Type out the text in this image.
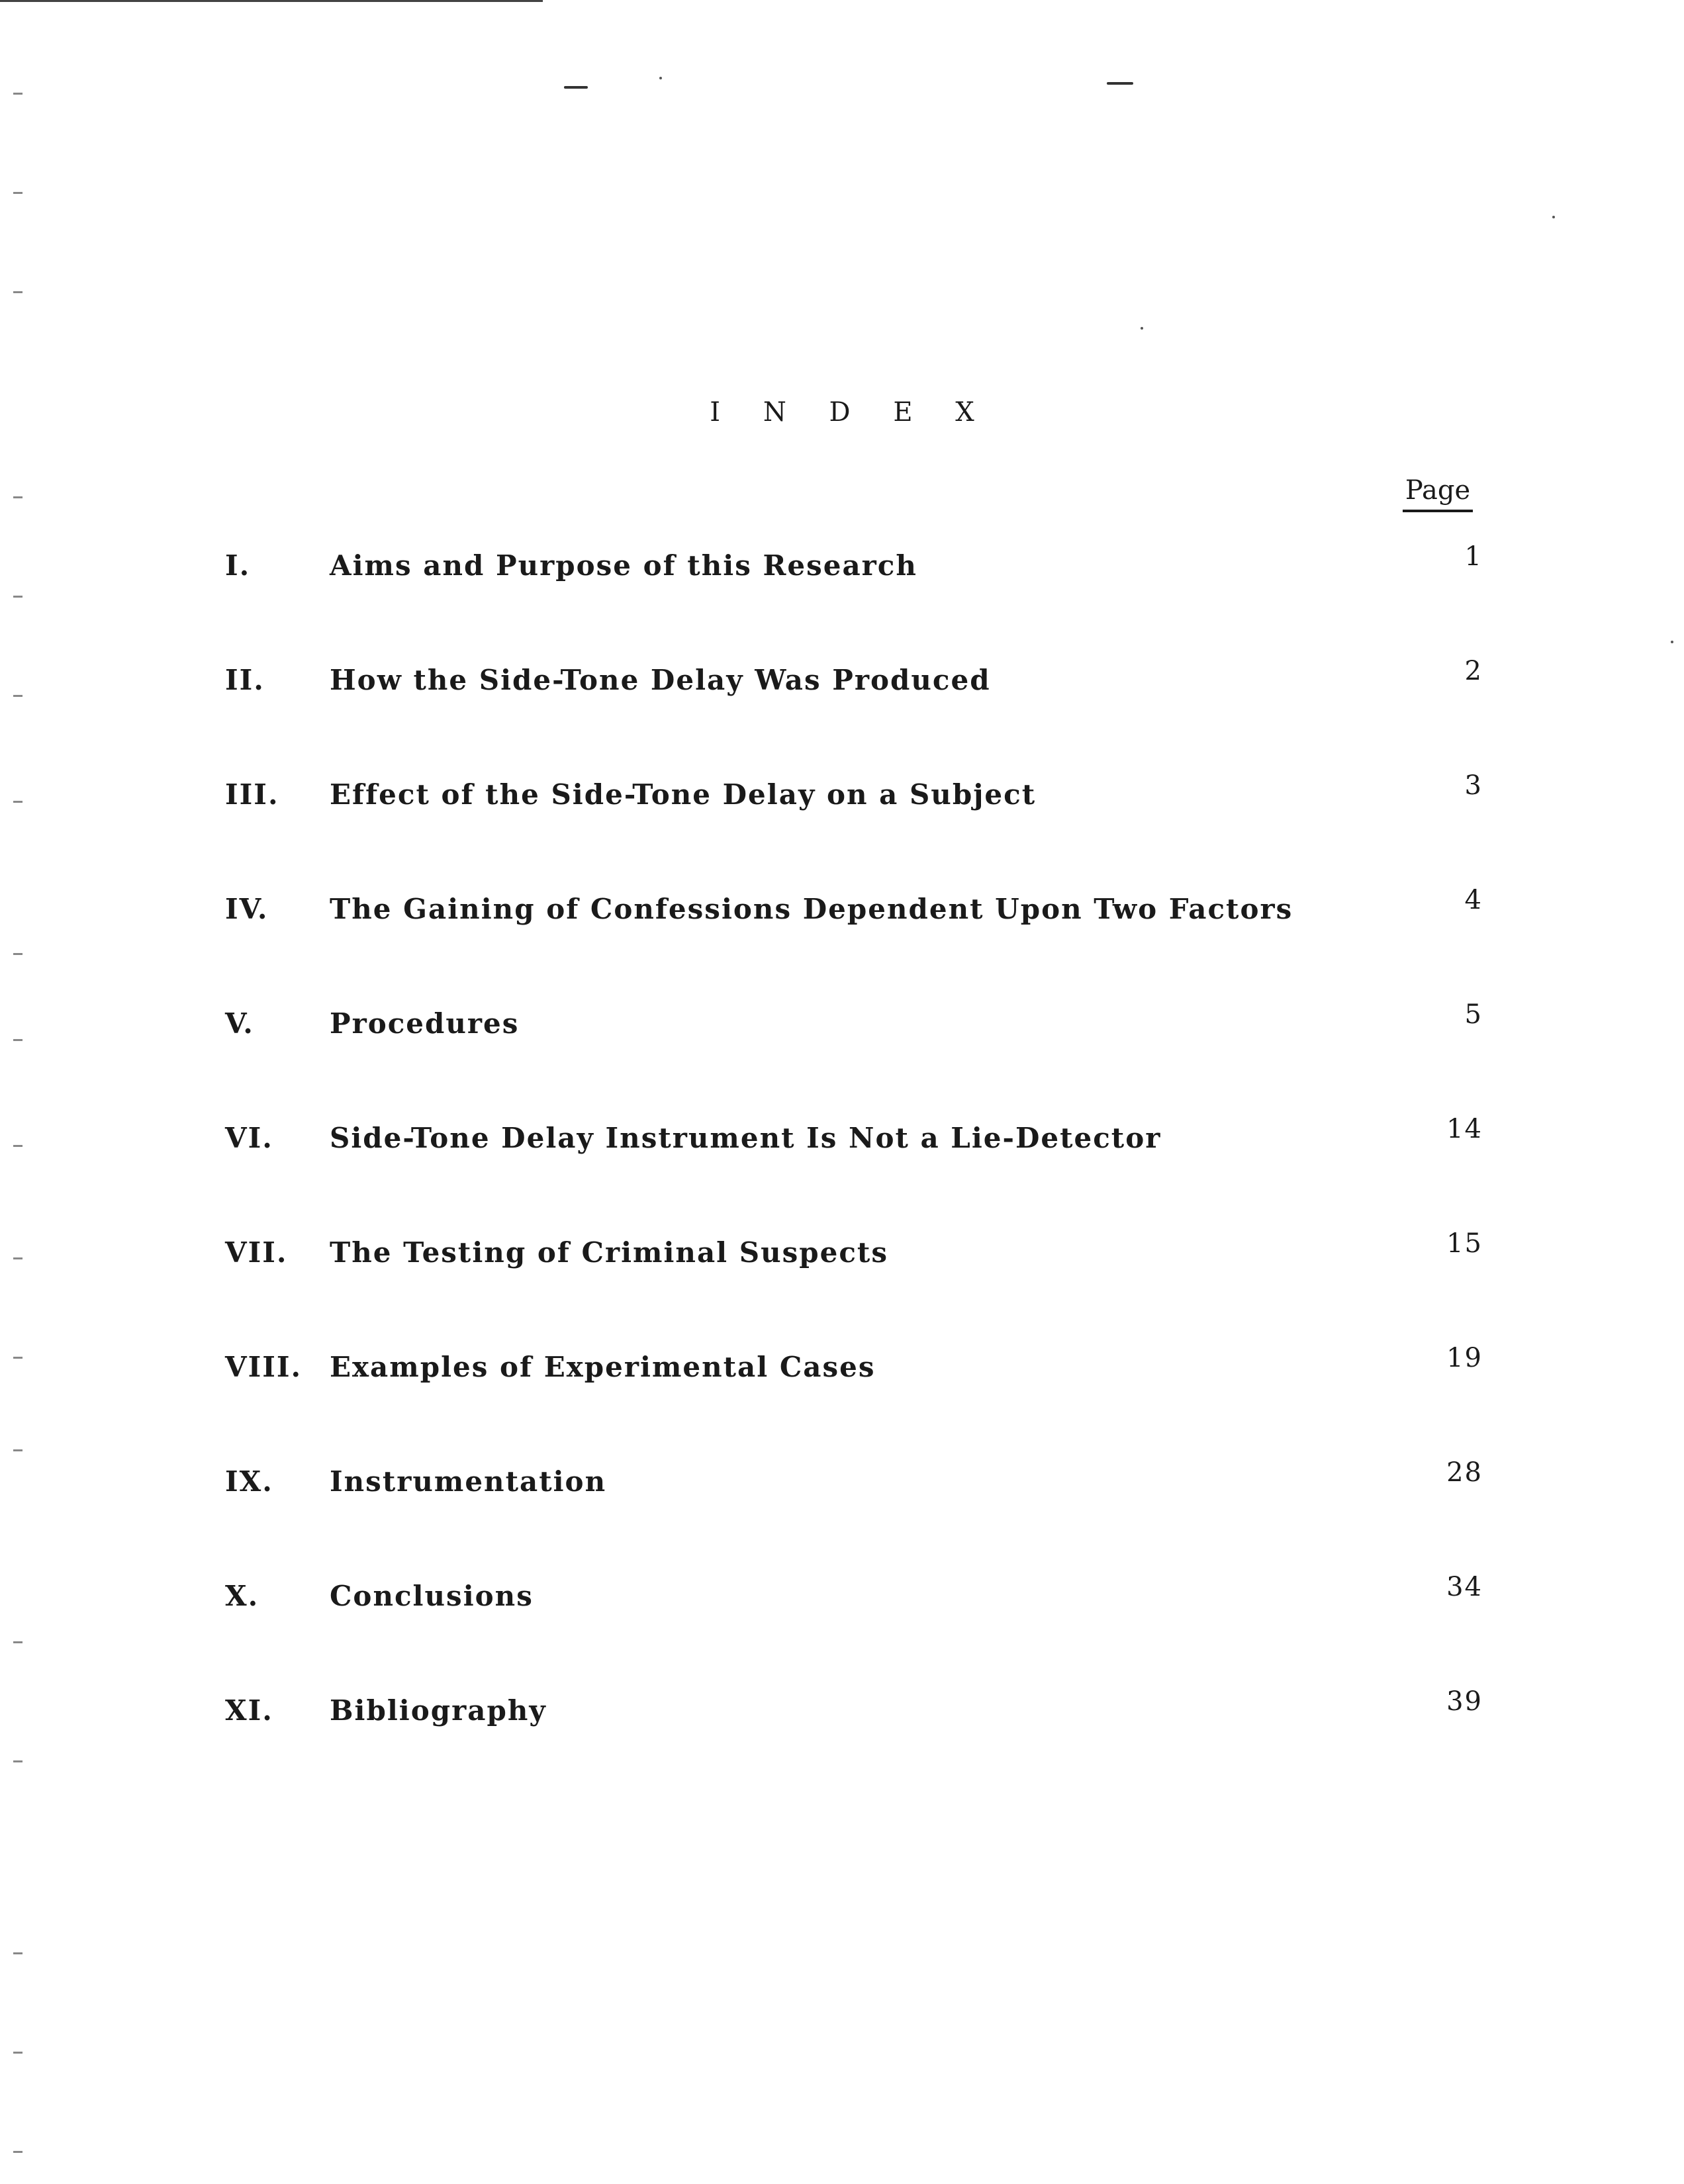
I N D E X
Page
I.	Aims and Purpose of this Research	1
II.	How the Side-Tone Delay Was Produced	2
III.	Effect of the Side-Tone Delay on a Subject	3
IV.	The Gaining of Confessions Dependent Upon Two Factors	4
V.	Procedures	5
VI.	Side-Tone Delay Instrument Is Not a Lie-Detector	14
VII.	The Testing of Criminal Suspects	15
VIII. Examples of Experimental Cases	19
IX.	Instrumentation	28
X.	Conclusions	34
XI.	Bibliography	39
